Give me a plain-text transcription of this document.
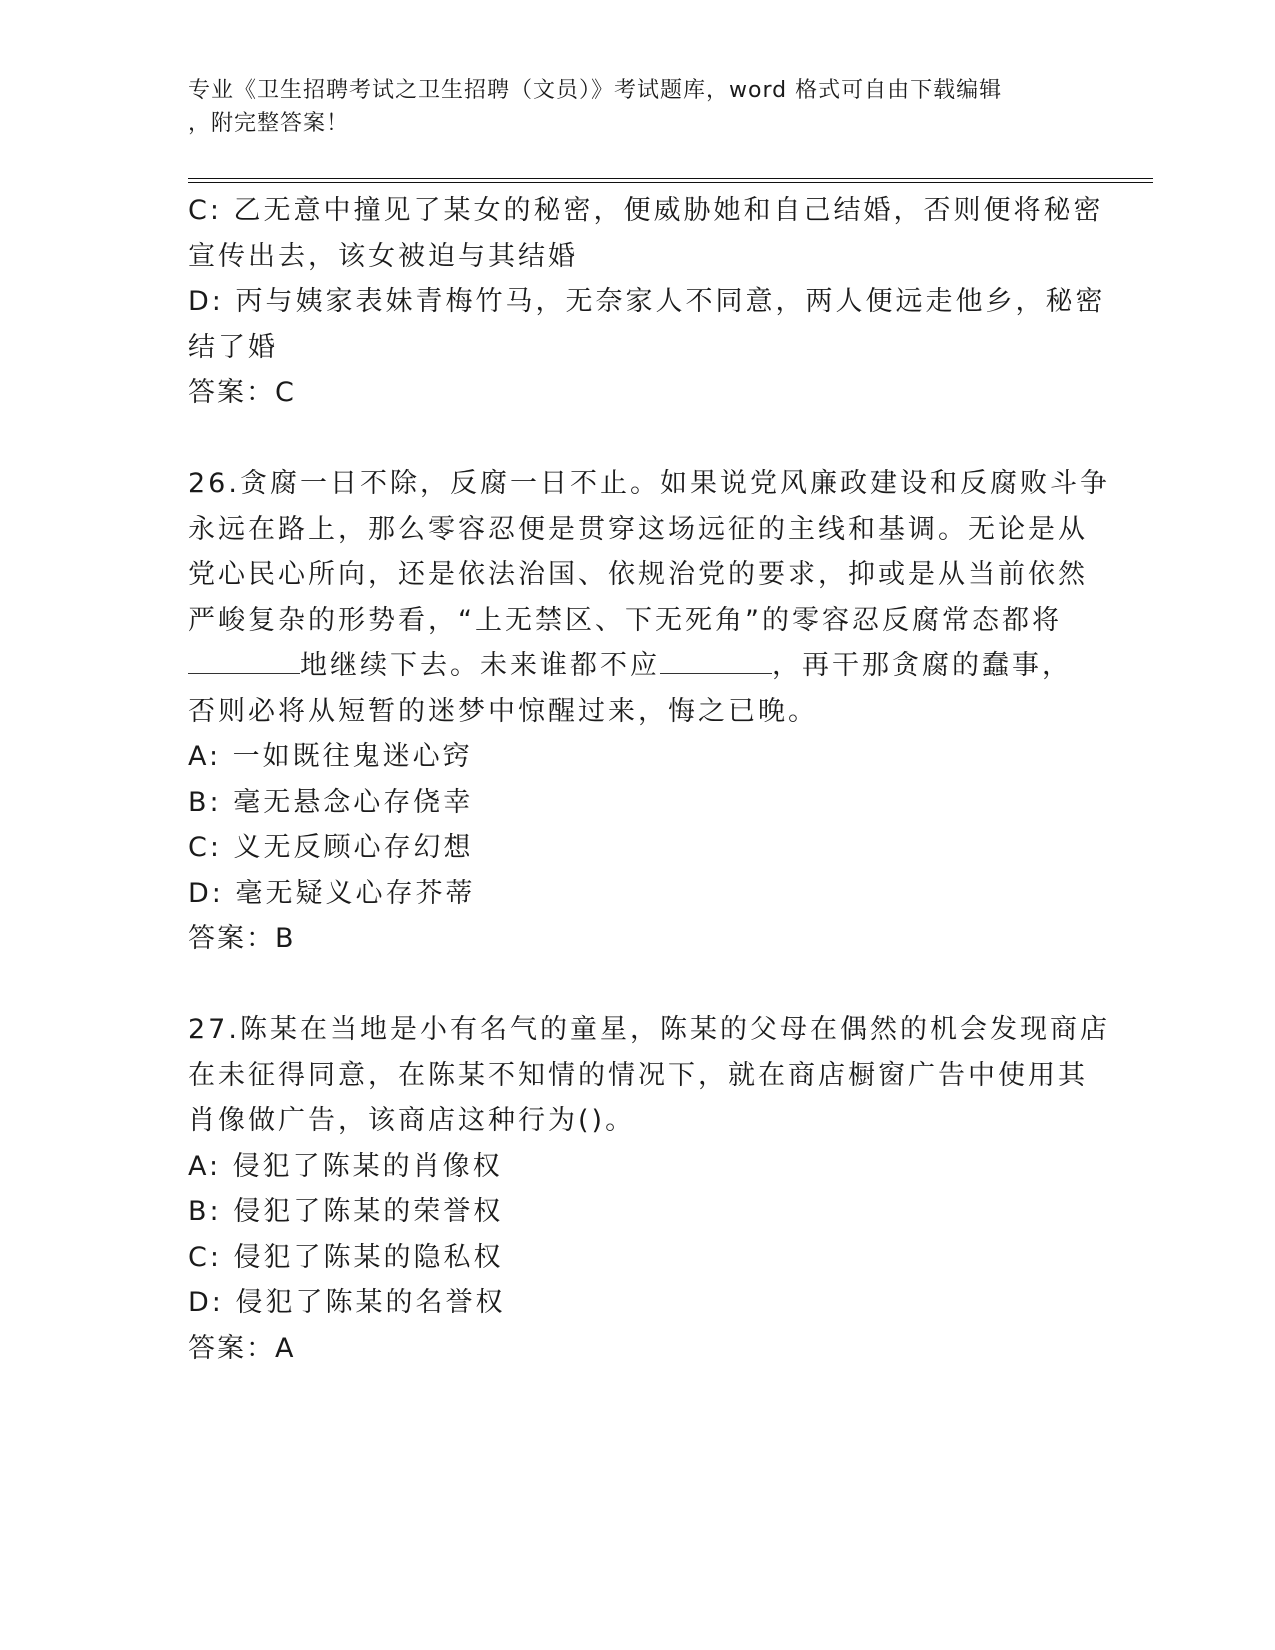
专业《卫生招聘考试之卫生招聘（文员）》考试题库，word 格式可自由下载编辑
，附完整答案！
C: 乙无意中撞见了某女的秘密，便威胁她和自己结婚，否则便将秘密
宣传出去，该女被迫与其结婚
D: 丙与姨家表妹青梅竹马，无奈家人不同意，两人便远走他乡，秘密
结了婚
答案：C
26.贪腐一日不除，反腐一日不止。如果说党风廉政建设和反腐败斗争
永远在路上，那么零容忍便是贯穿这场远征的主线和基调。无论是从
党心民心所向，还是依法治国、依规治党的要求，抑或是从当前依然
严峻复杂的形势看，“上无禁区、下无死角”的零容忍反腐常态都将
地继续下去。未来谁都不应	，再干那贪腐的蠢事，
否则必将从短暂的迷梦中惊醒过来，悔之已晚。
A: 一如既往鬼迷心窍
B: 毫无悬念心存侥幸
C: 义无反顾心存幻想
D: 毫无疑义心存芥蒂
答案：B
27.陈某在当地是小有名气的童星，陈某的父母在偶然的机会发现商店
在未征得同意，在陈某不知情的情况下，就在商店橱窗广告中使用其
肖像做广告，该商店这种行为()。
A: 侵犯了陈某的肖像权
B: 侵犯了陈某的荣誉权
C: 侵犯了陈某的隐私权
D: 侵犯了陈某的名誉权
答案：A
